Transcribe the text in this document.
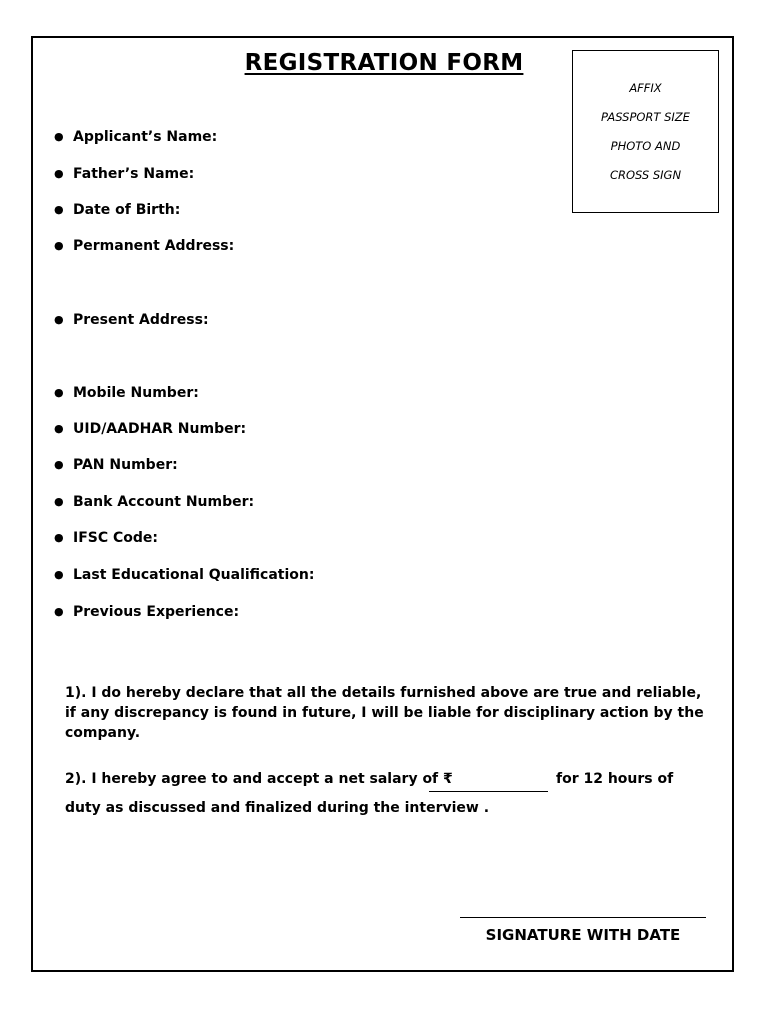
REGISTRATION FORM
AFFIX
PASSPORT SIZE
PHOTO AND
CROSS SIGN
● Applicant’s Name:
● Father’s Name:
● Date of Birth:
● Permanent Address:
● Present Address:
● Mobile Number:
● UID/AADHAR Number:
● PAN Number:
● Bank Account Number:
● IFSC Code:
● Last Educational Qualification:
● Previous Experience:
1). I do hereby declare that all the details furnished above are true and reliable, if any discrepancy is found in future, I will be liable for disciplinary action by the company.
2). I hereby agree to and accept a net salary of ₹	for 12 hours of
duty as discussed and finalized during the interview .
SIGNATURE WITH DATE
